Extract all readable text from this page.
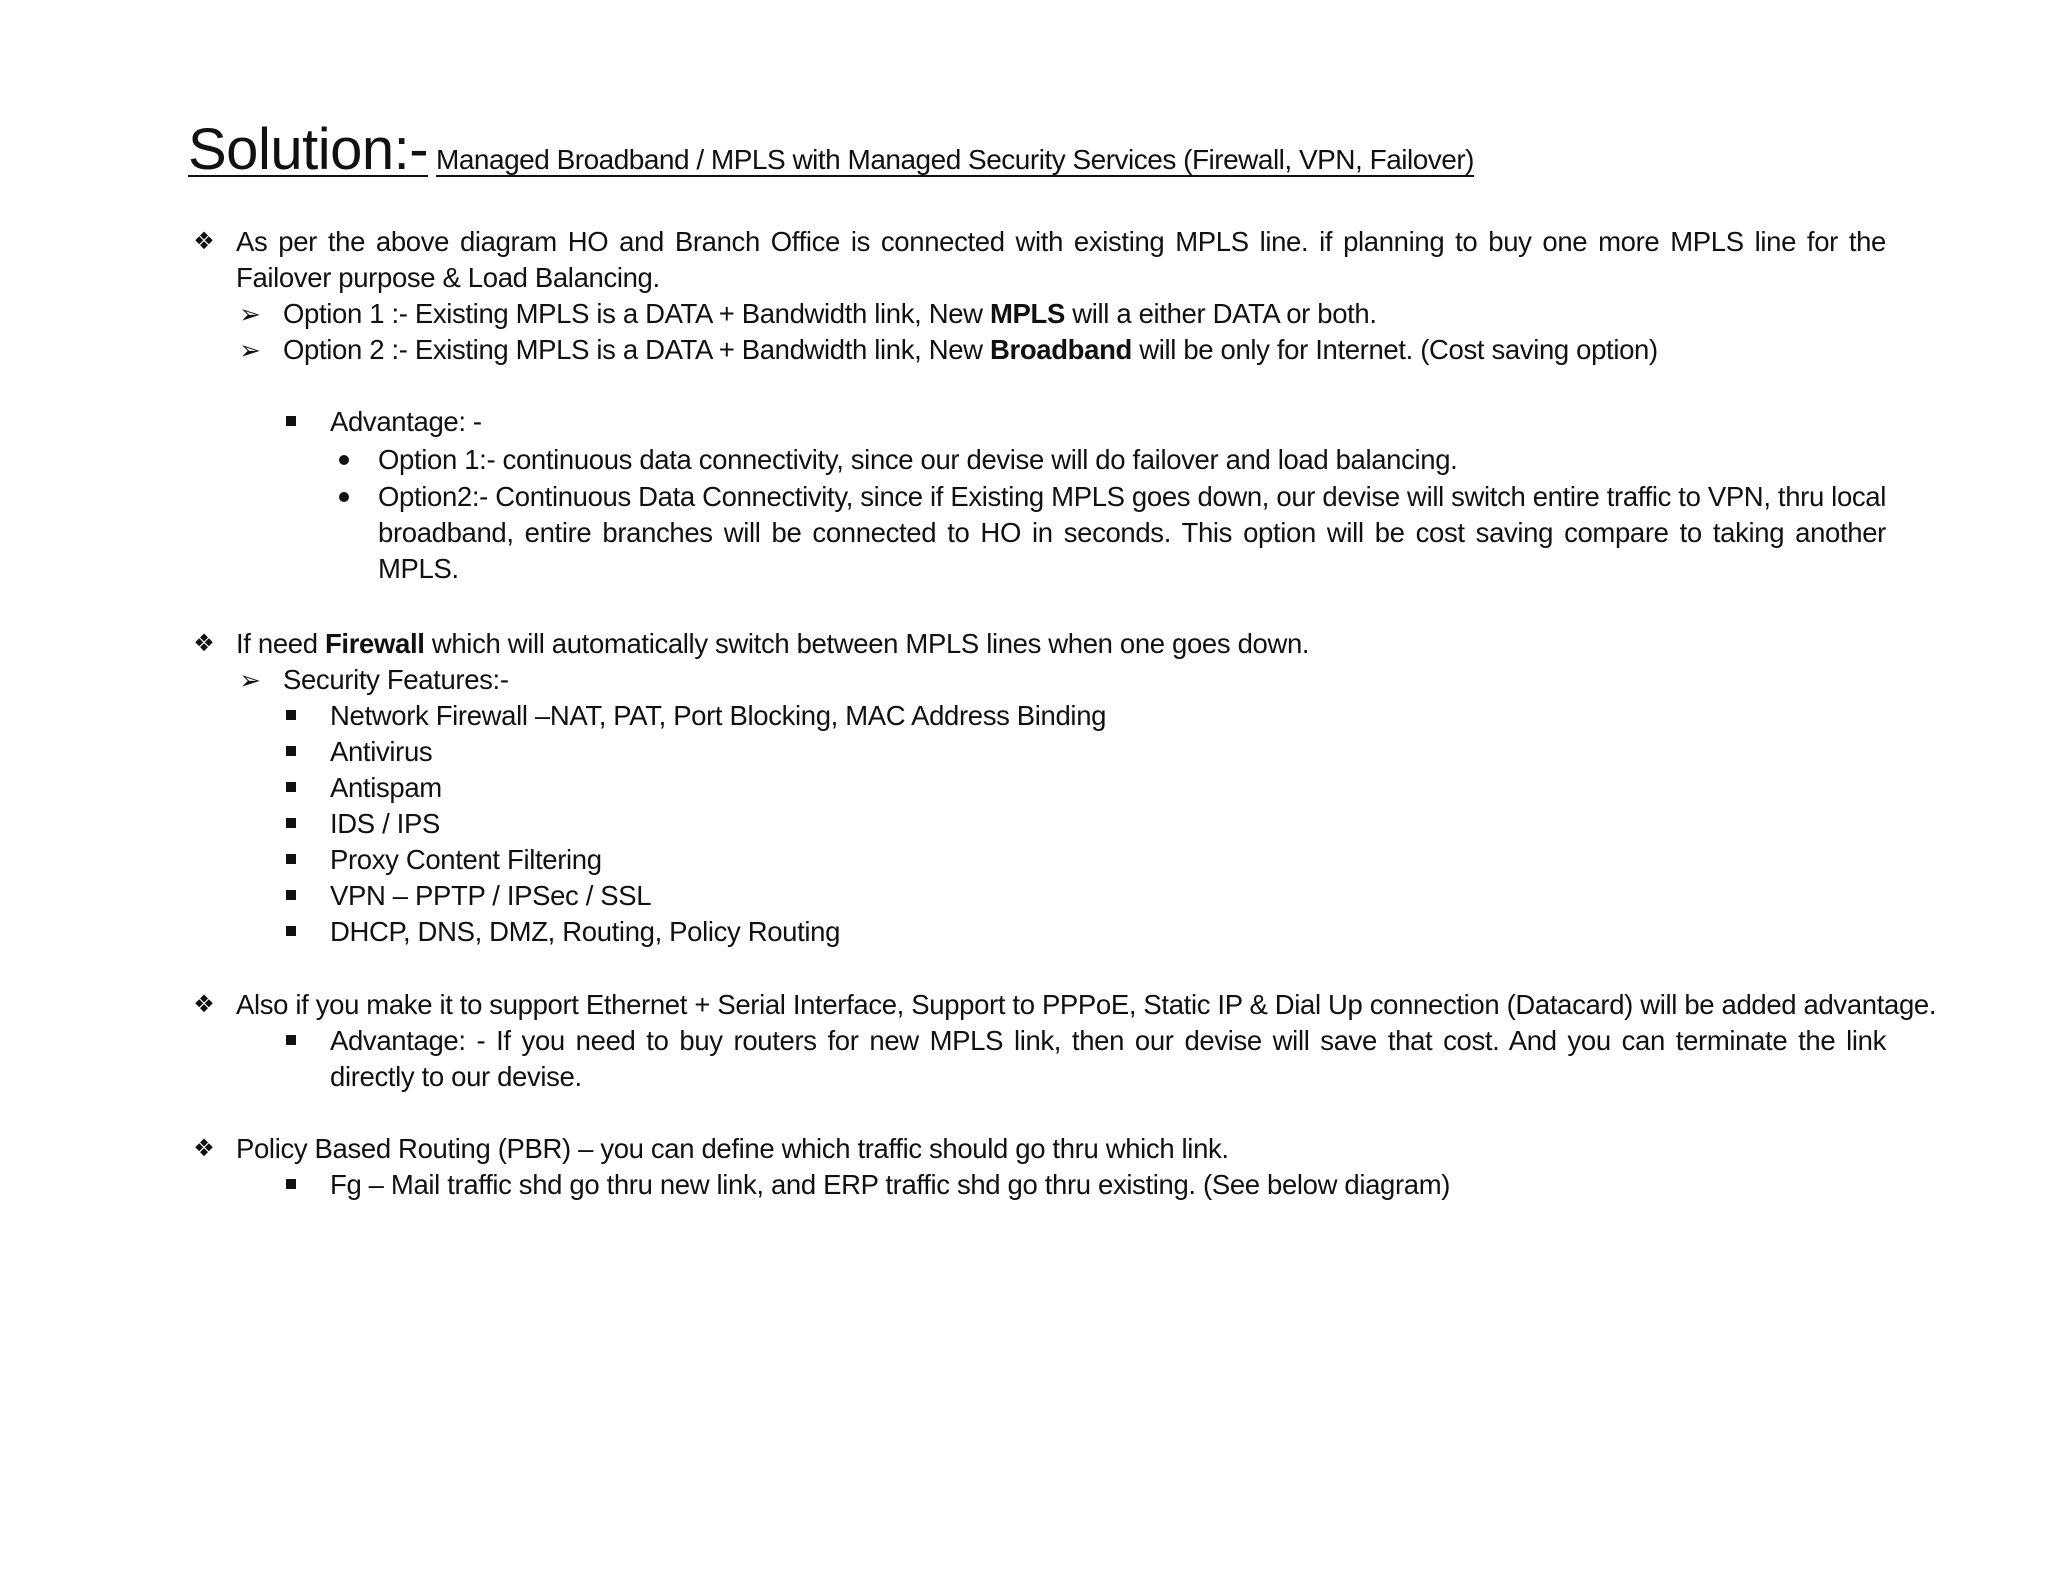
Solution:- Managed Broadband / MPLS with Managed Security Services (Firewall, VPN, Failover)
❖ As per the above diagram HO and Branch Office is connected with existing MPLS line. if planning to buy one more MPLS line for the Failover purpose & Load Balancing.
➢ Option 1 :- Existing MPLS is a DATA + Bandwidth link, New MPLS will a either DATA or both.
➢ Option 2 :- Existing MPLS is a DATA + Bandwidth link, New Broadband will be only for Internet. (Cost saving option)
Advantage: -
Option 1:- continuous data connectivity, since our devise will do failover and load balancing.
Option2:- Continuous Data Connectivity, since if Existing MPLS goes down, our devise will switch entire traffic to VPN, thru local broadband, entire branches will be connected to HO in seconds. This option will be cost saving compare to taking another MPLS.
❖ If need Firewall which will automatically switch between MPLS lines when one goes down.
➢ Security Features:-
Network Firewall –NAT, PAT, Port Blocking, MAC Address Binding
Antivirus
Antispam
IDS / IPS
Proxy Content Filtering
VPN – PPTP / IPSec / SSL
DHCP, DNS, DMZ, Routing, Policy Routing
❖ Also if you make it to support Ethernet + Serial Interface, Support to PPPoE, Static IP & Dial Up connection (Datacard) will be added advantage.
Advantage: - If you need to buy routers for new MPLS link, then our devise will save that cost. And you can terminate the link directly to our devise.
❖ Policy Based Routing (PBR) – you can define which traffic should go thru which link.
Fg – Mail traffic shd go thru new link, and ERP traffic shd go thru existing. (See below diagram)
